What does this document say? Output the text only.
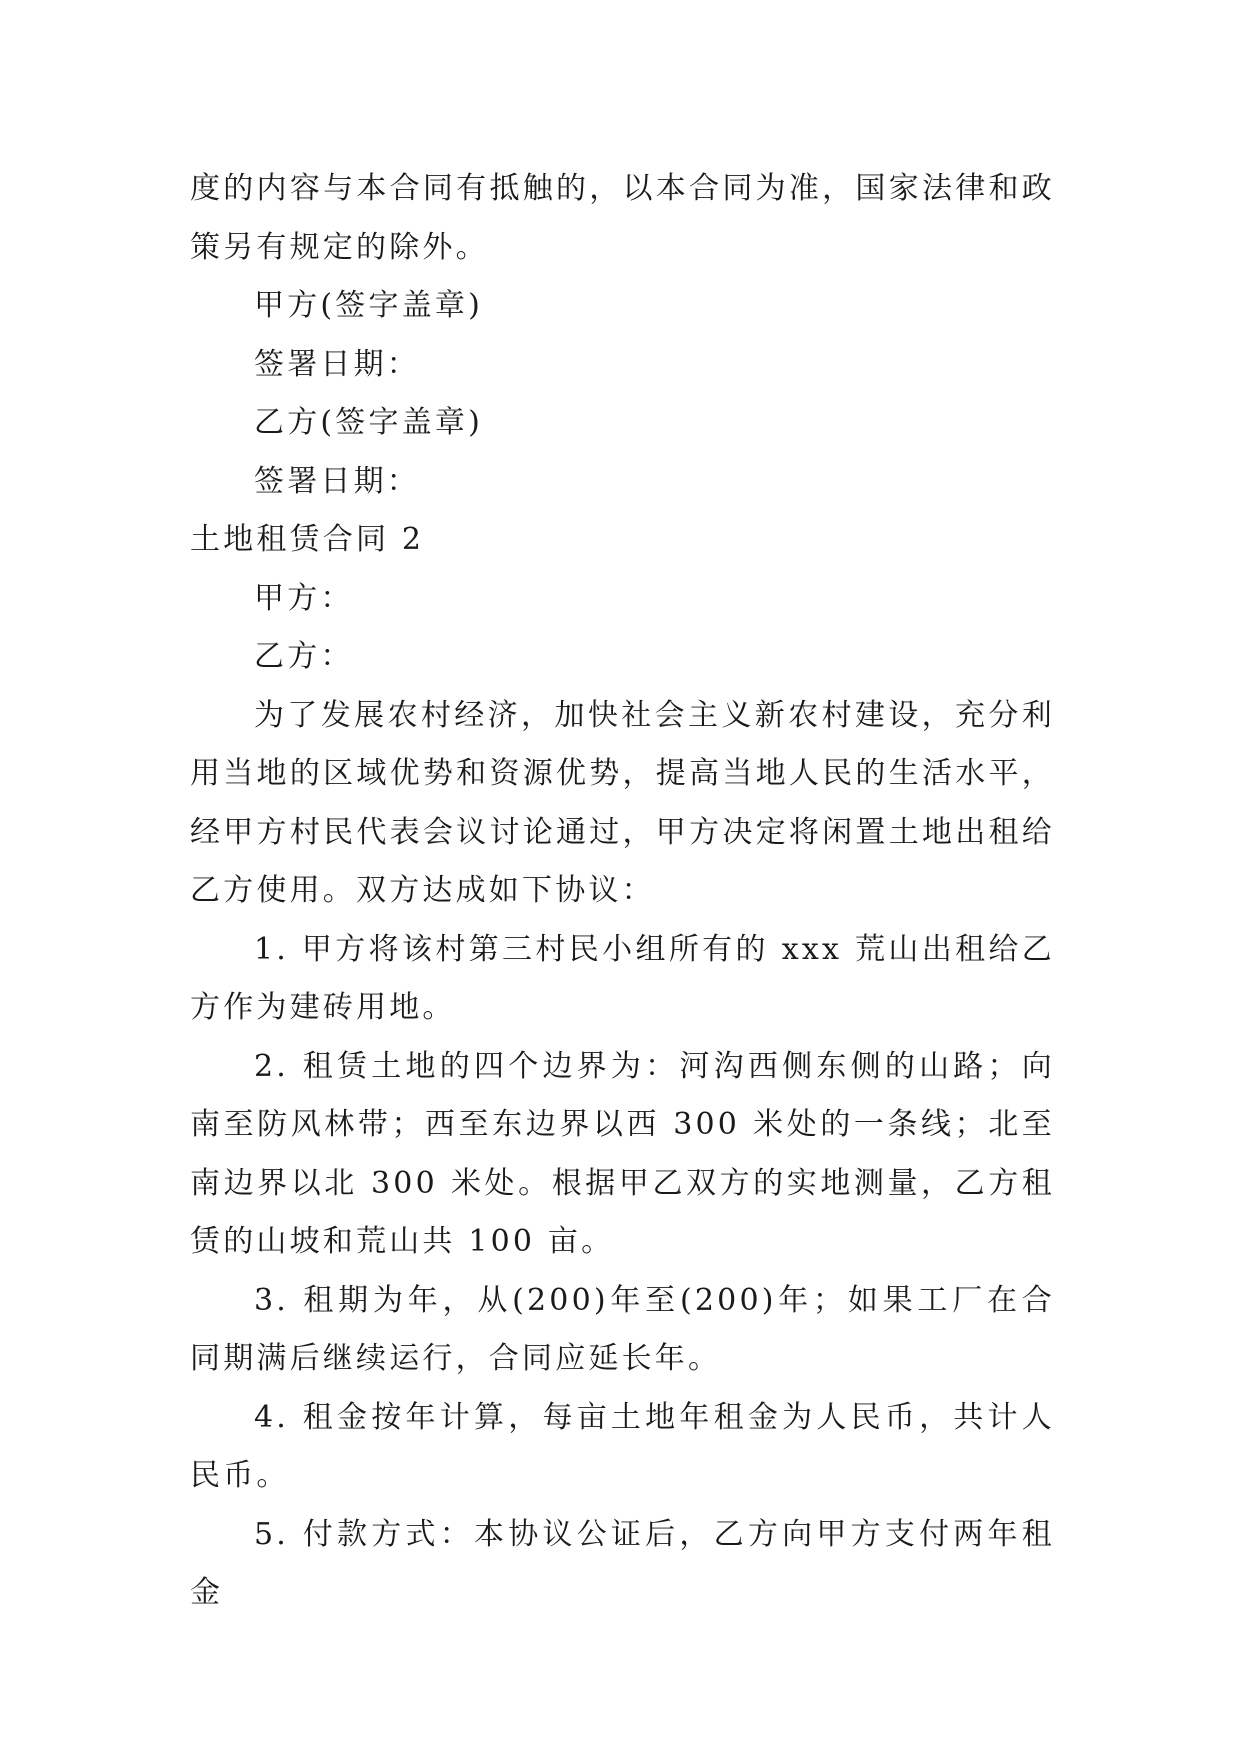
度的内容与本合同有抵触的，以本合同为准，国家法律和政策另有规定的除外。

甲方(签字盖章)

签署日期：

乙方(签字盖章)

签署日期：

土地租赁合同 2

甲方：

乙方：

为了发展农村经济，加快社会主义新农村建设，充分利用当地的区域优势和资源优势，提高当地人民的生活水平，经甲方村民代表会议讨论通过，甲方决定将闲置土地出租给乙方使用。双方达成如下协议：

1. 甲方将该村第三村民小组所有的 xxx 荒山出租给乙方作为建砖用地。

2. 租赁土地的四个边界为：河沟西侧东侧的山路；向南至防风林带；西至东边界以西 300 米处的一条线；北至南边界以北 300 米处。根据甲乙双方的实地测量，乙方租赁的山坡和荒山共 100 亩。

3. 租期为年，从(200)年至(200)年；如果工厂在合同期满后继续运行，合同应延长年。

4. 租金按年计算，每亩土地年租金为人民币，共计人民币。

5. 付款方式：本协议公证后，乙方向甲方支付两年租金
